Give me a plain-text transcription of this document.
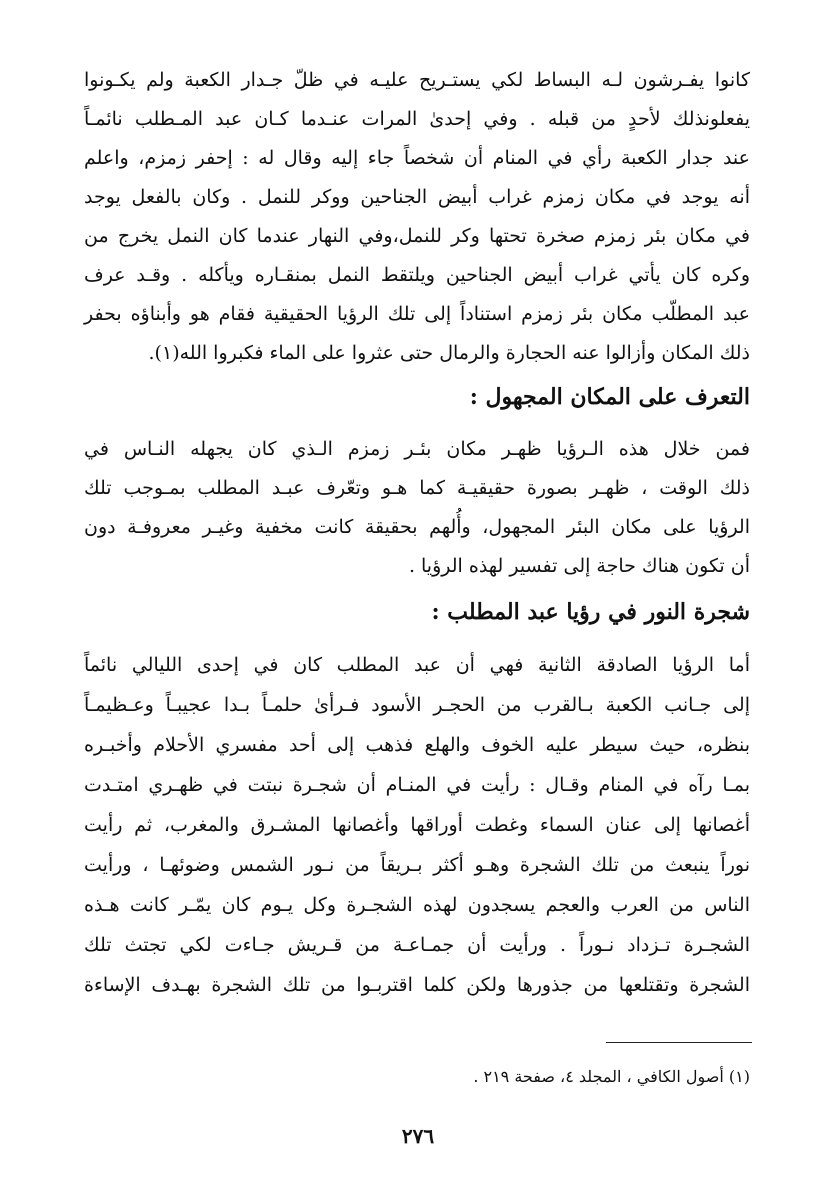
كانوا يفـرشون لـه البساط لكي يستـريح عليـه في ظلّ جـدار الكعبة ولم يكـونوا
يفعلونذلك لأحدٍ من قبله . وفي إحدىٰ المرات عنـدما كـان عبد المـطلب نائمـاً
عند جدار الكعبة رأي في المنام أن شخصاً جاء إليه وقال له : إحفر زمزم، واعلم
أنه يوجد في مكان زمزم غراب أبيض الجناحين ووكر للنمل . وكان بالفعل يوجد
في مكان بئر زمزم صخرة تحتها وكر للنمل،وفي النهار عندما كان النمل يخرج من
وكره كان يأتي غراب أبيض الجناحين ويلتقط النمل بمنقـاره ويأكله . وقـد عرف
عبد المطلّب مكان بئر زمزم استناداً إلى تلك الرؤيا الحقيقية فقام هو وأبناؤه بحفر
ذلك المكان وأزالوا عنه الحجارة والرمال حتى عثروا على الماء فكبروا الله(١).
التعرف على المكان المجهول :
فمن خلال هذه الـرؤيا ظهـر مكان بئـر زمزم الـذي كان يجهله النـاس في
ذلك الوقت ، ظهـر بصورة حقيقيـة كما هـو وتعّرف عبـد المطلب بمـوجب تلك
الرؤيا على مكان البئر المجهول، وأُلهم بحقيقة كانت مخفية وغيـر معروفـة دون
أن تكون هناك حاجة إلى تفسير لهذه الرؤيا .
شجرة النور في رؤيا عبد المطلب :
أما الرؤيا الصادقة الثانية فهي أن عبد المطلب كان في إحدى الليالي نائماً
إلى جـانب الكعبة بـالقرب من الحجـر الأسود فـرأىٰ حلمـاً بـدا عجيبـاً وعـظيمـاً
بنظره، حيث سيطر عليه الخوف والهلع فذهب إلى أحد مفسري الأحلام وأخبـره
بمـا رآه في المنام وقـال : رأيت في المنـام أن شجـرة نبتت في ظهـري امتـدت
أغصانها إلى عنان السماء وغطت أوراقها وأغصانها المشـرق والمغرب، ثم رأيت
نوراً ينبعث من تلك الشجرة وهـو أكثر بـريقاً من نـور الشمس وضوئهـا ، ورأيت
الناس من العرب والعجم يسجدون لهذه الشجـرة وكل يـوم كان يمّـر كانت هـذه
الشجـرة تـزداد نـوراً . ورأيت أن جمـاعـة من قـريش جـاءت لكي تجتث تلك
الشجرة وتقتلعها من جذورها ولكن كلما اقتربـوا من تلك الشجرة بهـدف الإساءة
(١) أصول الكافي ، المجلد ٤، صفحة ٢١٩ .
٢٧٦
